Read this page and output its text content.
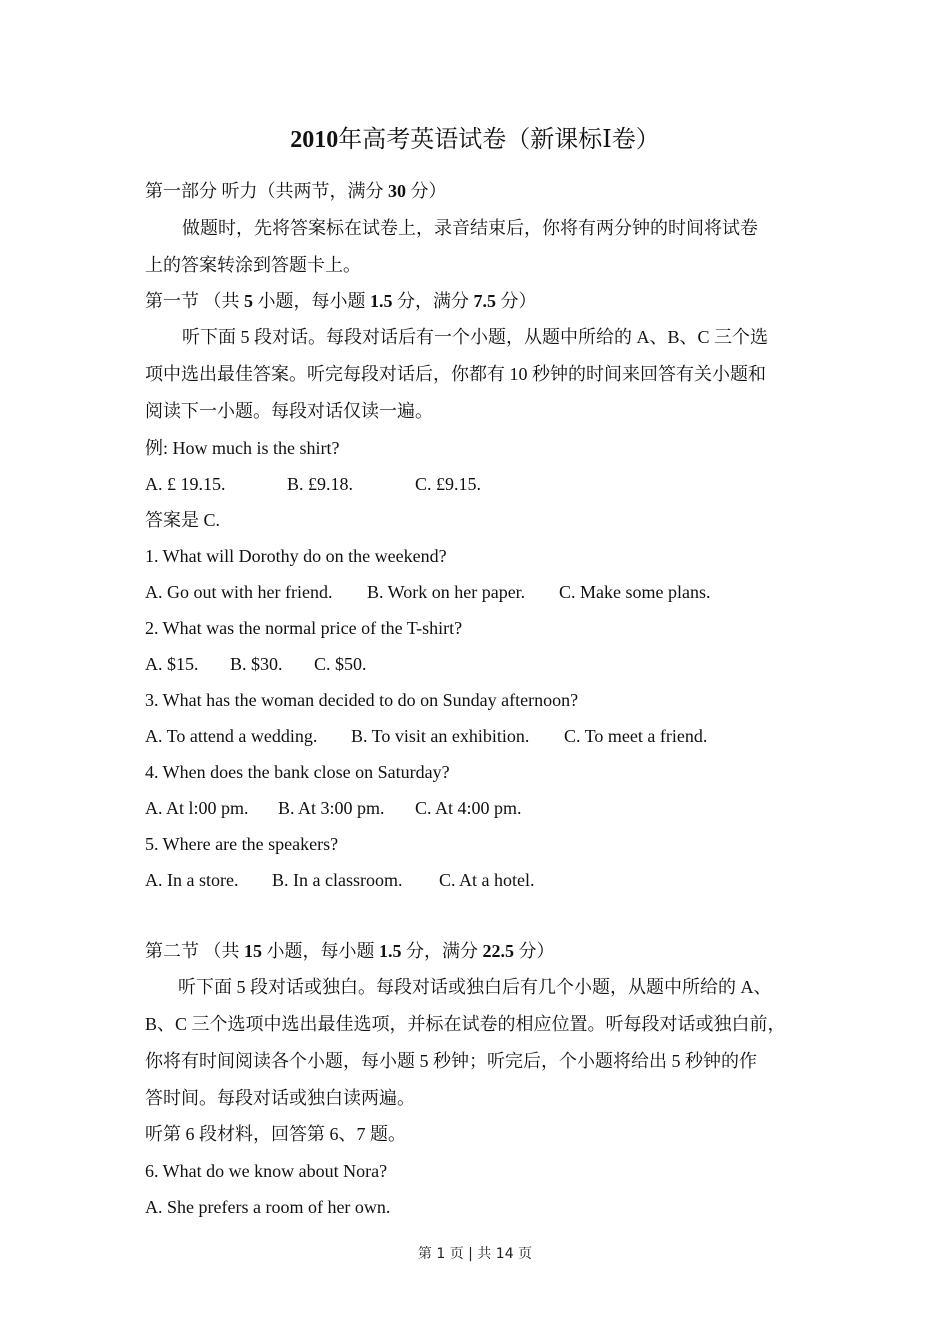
2010年高考英语试卷（新课标Ⅰ卷）
第一部分 听力（共两节，满分 30 分）
做题时，先将答案标在试卷上，录音结束后，你将有两分钟的时间将试卷
上的答案转涂到答题卡上。
第一节 （共 5 小题，每小题 1.5 分，满分 7.5 分）
听下面 5 段对话。每段对话后有一个小题，从题中所给的 A、B、C 三个选
项中选出最佳答案。听完每段对话后，你都有 10 秒钟的时间来回答有关小题和
阅读下一小题。每段对话仅读一遍。
例: How much is the shirt?
A. £ 19.15.	B. £9.18.	C. £9.15.
答案是 C.
1. What will Dorothy do on the weekend?
A. Go out with her friend. B. Work on her paper. C. Make some plans.
2. What was the normal price of the T-shirt?
A. $15. B. $30. C. $50.
3. What has the woman decided to do on Sunday afternoon?
A. To attend a wedding. B. To visit an exhibition. C. To meet a friend.
4. When does the bank close on Saturday?
A. At l:00 pm. B. At 3:00 pm. C. At 4:00 pm.
5. Where are the speakers?
A. In a store. B. In a classroom. C. At a hotel.
第二节 （共 15 小题，每小题 1.5 分，满分 22.5 分）
听下面 5 段对话或独白。每段对话或独白后有几个小题，从题中所给的 A、
B、C 三个选项中选出最佳选项，并标在试卷的相应位置。听每段对话或独白前，
你将有时间阅读各个小题，每小题 5 秒钟；听完后，个小题将给出 5 秒钟的作
答时间。每段对话或独白读两遍。
听第 6 段材料，回答第 6、7 题。
6. What do we know about Nora?
A. She prefers a room of her own.
第 1 页 | 共 14 页
